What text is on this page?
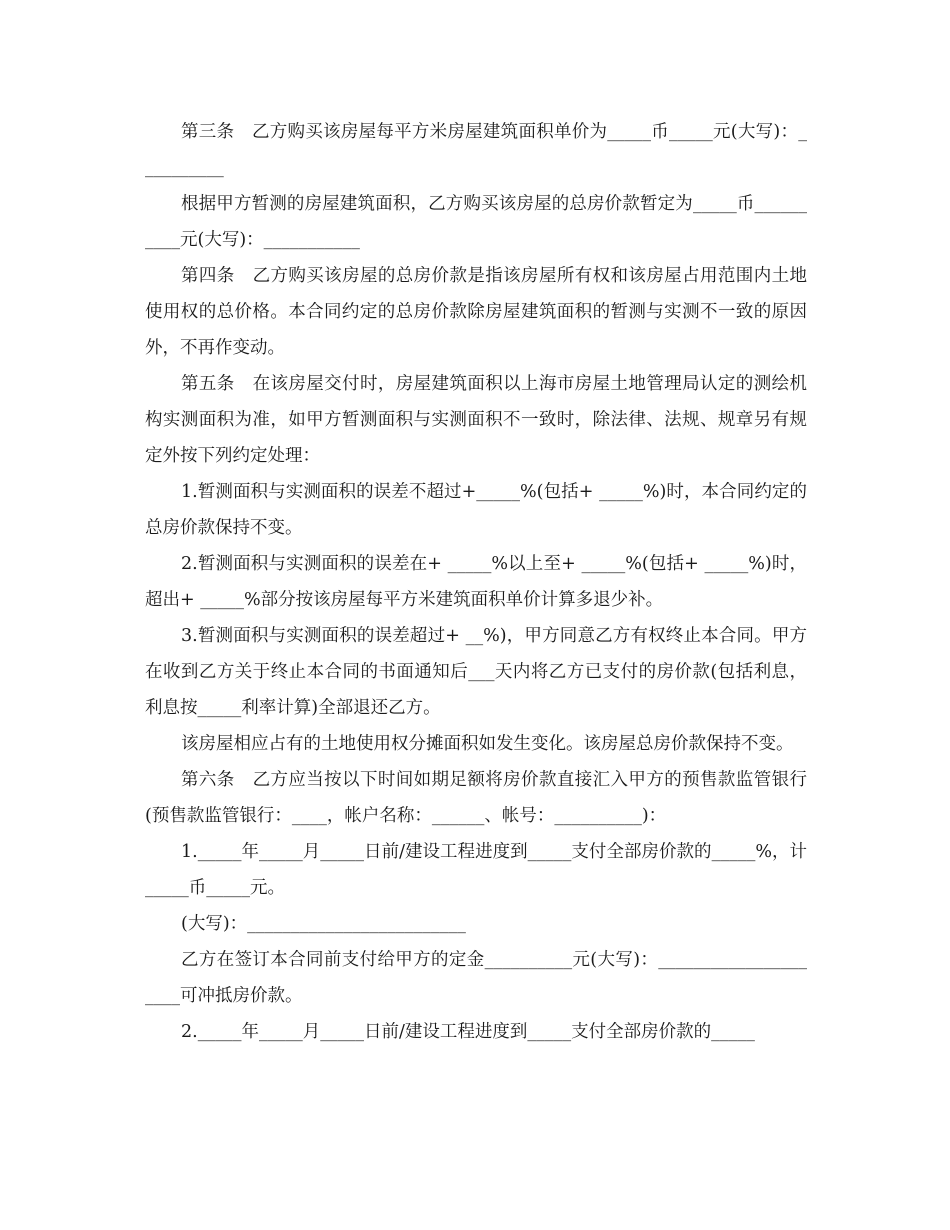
第三条　乙方购买该房屋每平方米房屋建筑面积单价为_____币_____元(大写)：__________

根据甲方暂测的房屋建筑面积，乙方购买该房屋的总房价款暂定为_____币__________元(大写)：___________

第四条　乙方购买该房屋的总房价款是指该房屋所有权和该房屋占用范围内土地使用权的总价格。本合同约定的总房价款除房屋建筑面积的暂测与实测不一致的原因外，不再作变动。

第五条　在该房屋交付时，房屋建筑面积以上海市房屋土地管理局认定的测绘机构实测面积为准，如甲方暂测面积与实测面积不一致时，除法律、法规、规章另有规定外按下列约定处理：

1.暂测面积与实测面积的误差不超过+_____%(包括+ _____%)时，本合同约定的总房价款保持不变。

2.暂测面积与实测面积的误差在+ _____%以上至+ _____%(包括+ _____%)时，超出+ _____%部分按该房屋每平方米建筑面积单价计算多退少补。

3.暂测面积与实测面积的误差超过+ __%)，甲方同意乙方有权终止本合同。甲方在收到乙方关于终止本合同的书面通知后___天内将乙方已支付的房价款(包括利息，利息按_____利率计算)全部退还乙方。

该房屋相应占有的土地使用权分摊面积如发生变化。该房屋总房价款保持不变。

第六条　乙方应当按以下时间如期足额将房价款直接汇入甲方的预售款监管银行(预售款监管银行：____，帐户名称：______、帐号：__________)：

1._____年_____月_____日前/建设工程进度到_____支付全部房价款的_____%，计_____币_____元。

(大写)：_________________________

乙方在签订本合同前支付给甲方的定金__________元(大写)：_____________________可冲抵房价款。

2._____年_____月_____日前/建设工程进度到_____支付全部房价款的_____
